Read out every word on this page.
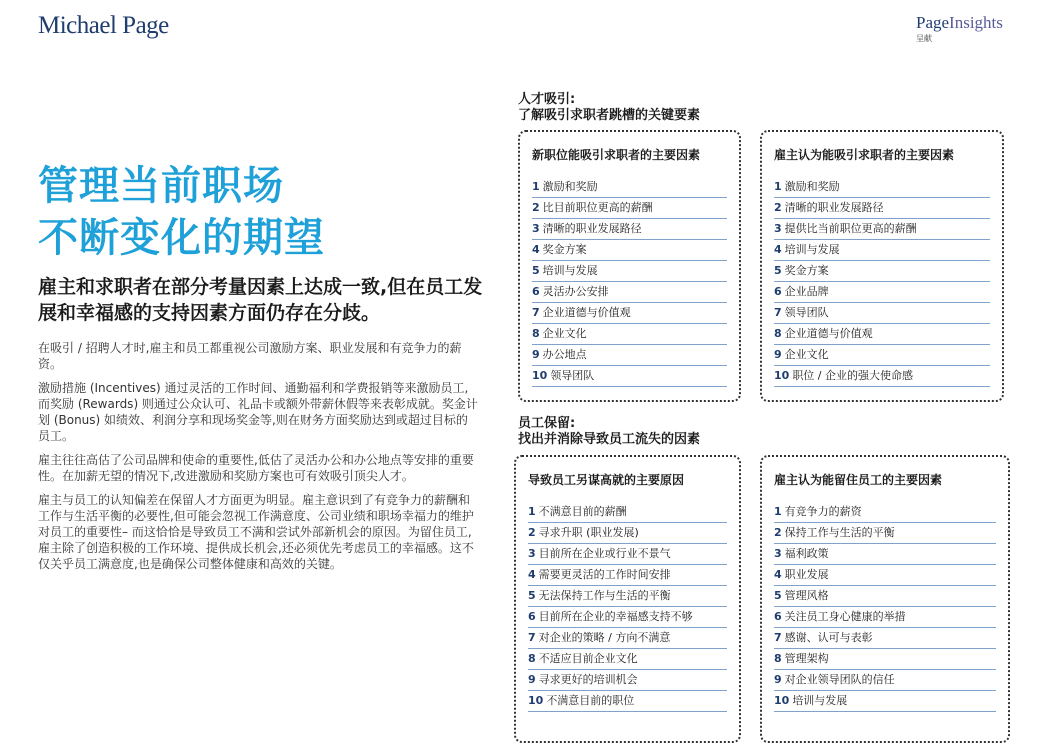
Michael Page	PageInsights
呈献
管理当前职场
不断变化的期望
雇主和求职者在部分考量因素上达成一致,但在员工发展和幸福感的支持因素方面仍存在分歧。

在吸引 / 招聘人才时,雇主和员工都重视公司激励方案、职业发展和有竞争力的薪资。

激励措施 (Incentives) 通过灵活的工作时间、通勤福利和学费报销等来激励员工,而奖励 (Rewards) 则通过公众认可、礼品卡或额外带薪休假等来表彰成就。奖金计划 (Bonus) 如绩效、利润分享和现场奖金等,则在财务方面奖励达到或超过目标的员工。

雇主往往高估了公司品牌和使命的重要性,低估了灵活办公和办公地点等安排的重要性。在加薪无望的情况下,改进激励和奖励方案也可有效吸引顶尖人才。

雇主与员工的认知偏差在保留人才方面更为明显。雇主意识到了有竞争力的薪酬和工作与生活平衡的必要性,但可能会忽视工作满意度、公司业绩和职场幸福力的维护对员工的重要性– 而这恰恰是导致员工不满和尝试外部新机会的原因。为留住员工,雇主除了创造积极的工作环境、提供成长机会,还必须优先考虑员工的幸福感。这不仅关乎员工满意度,也是确保公司整体健康和高效的关键。

人才吸引:
了解吸引求职者跳槽的关键要素
新职位能吸引求职者的主要因素
1 激励和奖励
2 比目前职位更高的薪酬
3 清晰的职业发展路径
4 奖金方案
5 培训与发展
6 灵活办公安排
7 企业道德与价值观
8 企业文化
9 办公地点
10 领导团队
雇主认为能吸引求职者的主要因素
1 激励和奖励
2 清晰的职业发展路径
3 提供比当前职位更高的薪酬
4 培训与发展
5 奖金方案
6 企业品牌
7 领导团队
8 企业道德与价值观
9 企业文化
10 职位 / 企业的强大使命感
员工保留:
找出并消除导致员工流失的因素
导致员工另谋高就的主要原因
1 不满意目前的薪酬
2 寻求升职 (职业发展)
3 目前所在企业或行业不景气
4 需要更灵活的工作时间安排
5 无法保持工作与生活的平衡
6 目前所在企业的幸福感支持不够
7 对企业的策略 / 方向不满意
8 不适应目前企业文化
9 寻求更好的培训机会
10 不满意目前的职位
雇主认为能留住员工的主要因素
1 有竞争力的薪资
2 保持工作与生活的平衡
3 福利政策
4 职业发展
5 管理风格
6 关注员工身心健康的举措
7 感谢、认可与表彰
8 管理架构
9 对企业领导团队的信任
10 培训与发展
